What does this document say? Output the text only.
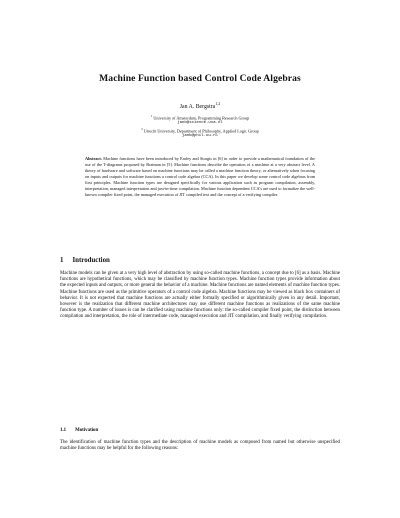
Machine Function based Control Code Algebras
Jan A. Bergstra$^{1,2}$
$^1$ University of Amsterdam, Programming Research Group
janb@science.uva.nl
$^2$ Utrecht University, Department of Philosophy, Applied Logic Group
janb@phil.uu.nl
Abstract. Machine functions have been introduced by Earley and Sturgis in [6] in order to provide a mathematical foundation of the use of the T-diagrams proposed by Bratman in [5]. Machine functions describe the operation of a machine at a very abstract level. A theory of hardware and software based on machine functions may be called a machine function theory, or alternatively when focusing on inputs and outputs for machine functions a control code algebra (CCA). In this paper we develop some control code algebras from first principles. Machine function types are designed specifically for various application such as program compilation, assembly, interpretation, managed interpretation and just-in-time compilation. Machine function dependent CCA's are used to formalize the well-known compiler fixed point, the managed execution of JIT compiled text and the concept of a verifying compiler.
1 Introduction
Machine models can be given at a very high level of abstraction by using so-called machine functions, a concept due to [6] as a basis. Machine functions are hypothetical functions, which may be classified by machine function types. Machine function types provide information about the expected inputs and outputs, or more general the behavior of a machine. Machine functions are named elements of machine function types. Machine functions are used as the primitive operators of a control code algebra. Machine functions may be viewed as black box containers of behavior. It is not expected that machine functions are actually either formally specified or algorithmically given in any detail. Important, however is the realization that different machine architectures may use different machine functions as realizations of the same machine function type. A number of issues is can be clarified using machine functions only: the so-called compiler fixed point, the distinction between compilation and interpretation, the role of intermediate code, managed execution and JIT compilation, and finally verifying compilation.
1.1 Motivation
The identification of machine function types and the description of machine models as composed from named but otherwise unspecified machine functions may be helpful for the following reasons:
